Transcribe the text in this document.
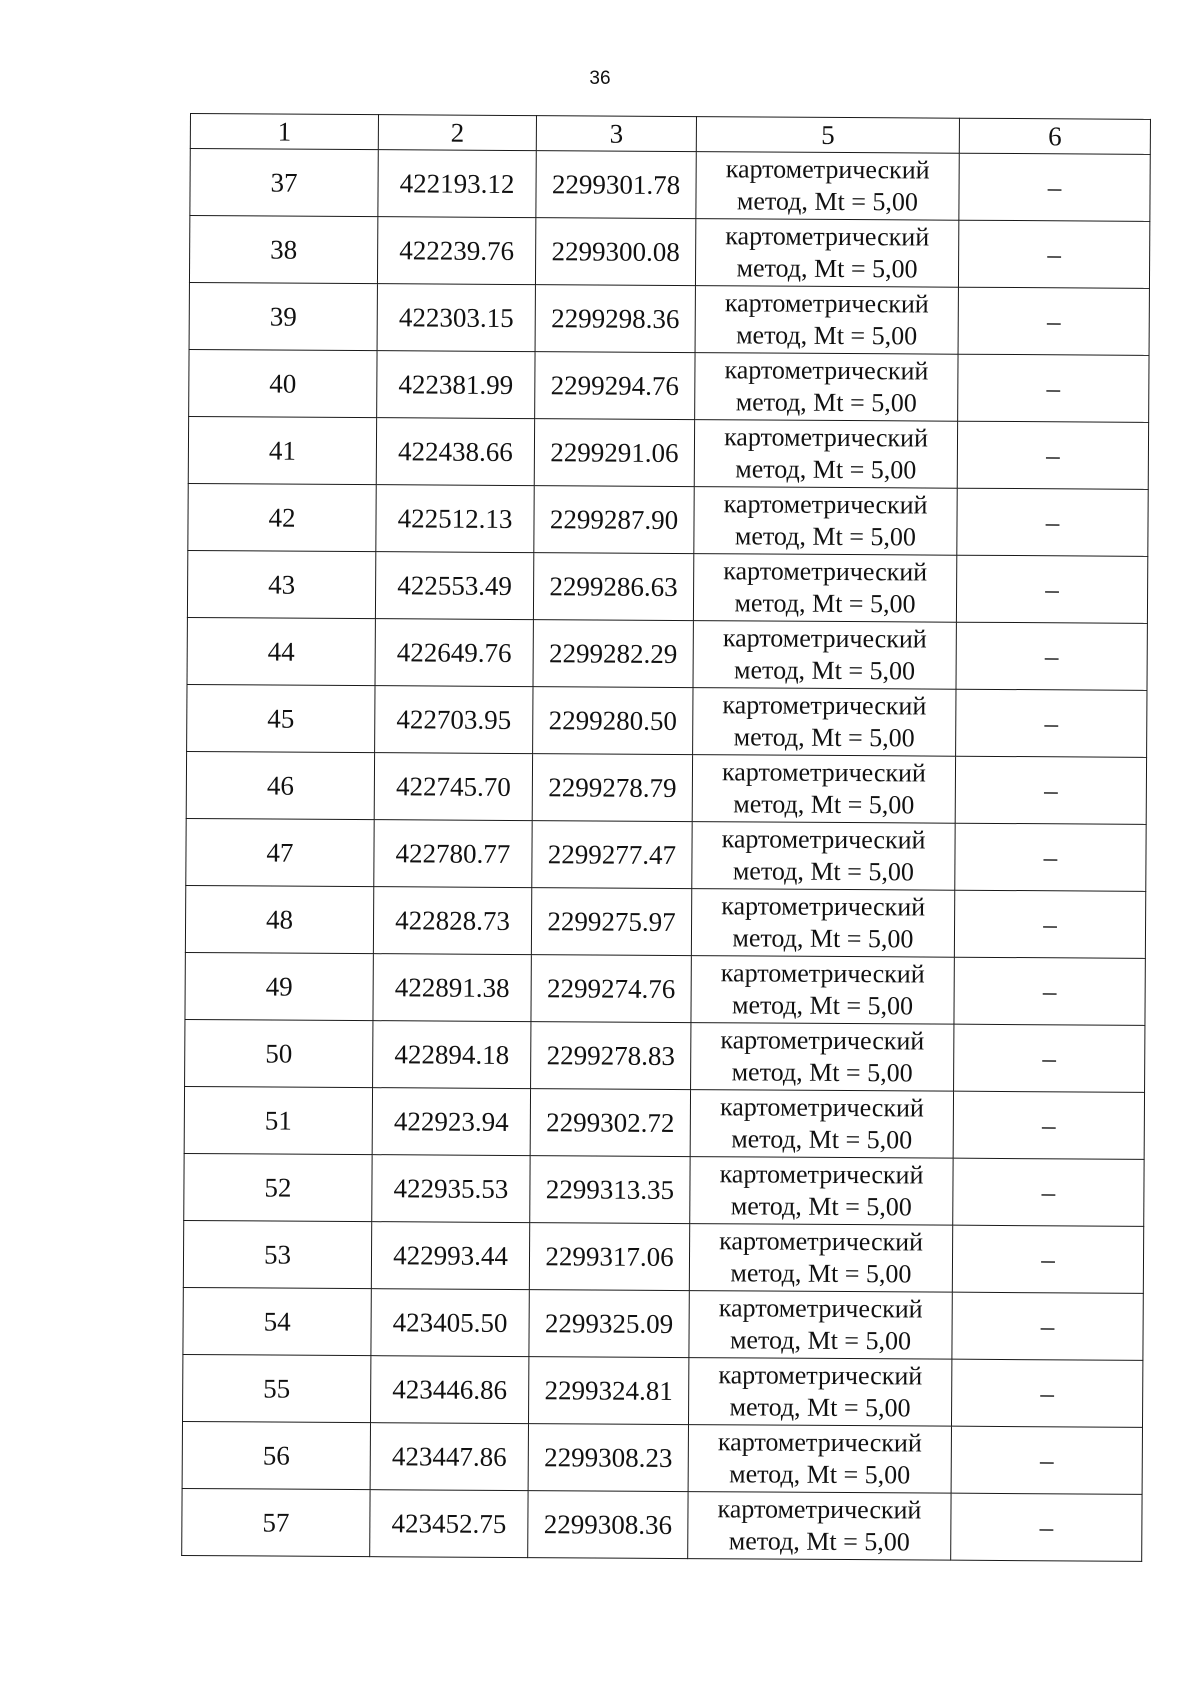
36
1	2	3	5	6
37	422193.12	2299301.78	картометрический
метод, Mt = 5,00	–
38	422239.76	2299300.08	картометрический
метод, Mt = 5,00	–
39	422303.15	2299298.36	картометрический
метод, Mt = 5,00	–
40	422381.99	2299294.76	картометрический
метод, Mt = 5,00	–
41	422438.66	2299291.06	картометрический
метод, Mt = 5,00	–
42	422512.13	2299287.90	картометрический
метод, Mt = 5,00	–
43	422553.49	2299286.63	картометрический
метод, Mt = 5,00	–
44	422649.76	2299282.29	картометрический
метод, Mt = 5,00	–
45	422703.95	2299280.50	картометрический
метод, Mt = 5,00	–
46	422745.70	2299278.79	картометрический
метод, Mt = 5,00	–
47	422780.77	2299277.47	картометрический
метод, Mt = 5,00	–
48	422828.73	2299275.97	картометрический
метод, Mt = 5,00	–
49	422891.38	2299274.76	картометрический
метод, Mt = 5,00	–
50	422894.18	2299278.83	картометрический
метод, Mt = 5,00	–
51	422923.94	2299302.72	картометрический
метод, Mt = 5,00	–
52	422935.53	2299313.35	картометрический
метод, Mt = 5,00	–
53	422993.44	2299317.06	картометрический
метод, Mt = 5,00	–
54	423405.50	2299325.09	картометрический
метод, Mt = 5,00	–
55	423446.86	2299324.81	картометрический
метод, Mt = 5,00	–
56	423447.86	2299308.23	картометрический
метод, Mt = 5,00	–
57	423452.75	2299308.36	картометрический
метод, Mt = 5,00	–
